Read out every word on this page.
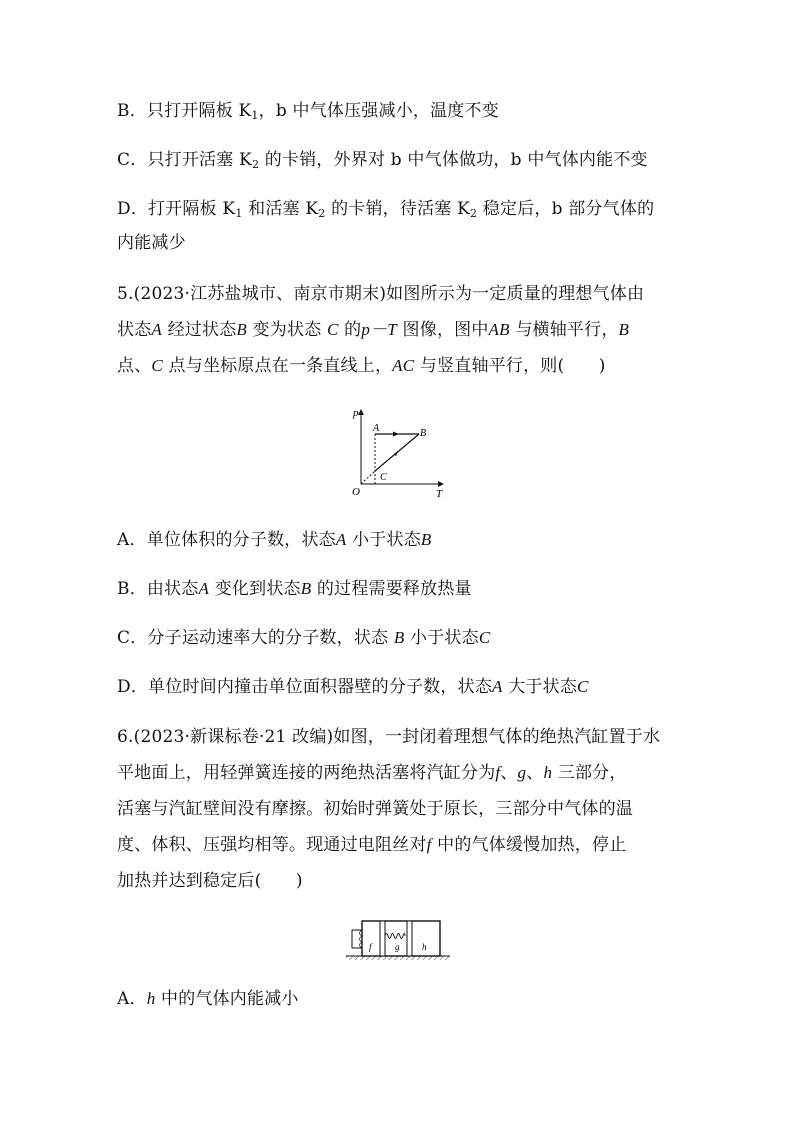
B．只打开隔板 $K_1$，b 中气体压强减小，温度不变
C．只打开活塞 $K_2$ 的卡销，外界对 b 中气体做功，b 中气体内能不变
D．打开隔板 $K_1$ 和活塞 $K_2$ 的卡销，待活塞 $K_2$ 稳定后，b 部分气体的
内能减少
5.(2023·江苏盐城市、南京市期末)如图所示为一定质量的理想气体由
状态A 经过状态B 变为状态 C 的p－T 图像，图中AB 与横轴平行，B
点、C 点与坐标原点在一条直线上，AC 与竖直轴平行，则(　　)
p
T
O
A	B
C
A．单位体积的分子数，状态A 小于状态B
B．由状态A 变化到状态B 的过程需要释放热量
C．分子运动速率大的分子数，状态 B 小于状态C
D．单位时间内撞击单位面积器壁的分子数，状态A 大于状态C
6.(2023·新课标卷·21 改编)如图，一封闭着理想气体的绝热汽缸置于水
平地面上，用轻弹簧连接的两绝热活塞将汽缸分为f、g、h 三部分，
活塞与汽缸壁间没有摩擦。初始时弹簧处于原长，三部分中气体的温
度、体积、压强均相等。现通过电阻丝对f 中的气体缓慢加热，停止
加热并达到稳定后(　　)
f	g	h
A．h 中的气体内能减小
